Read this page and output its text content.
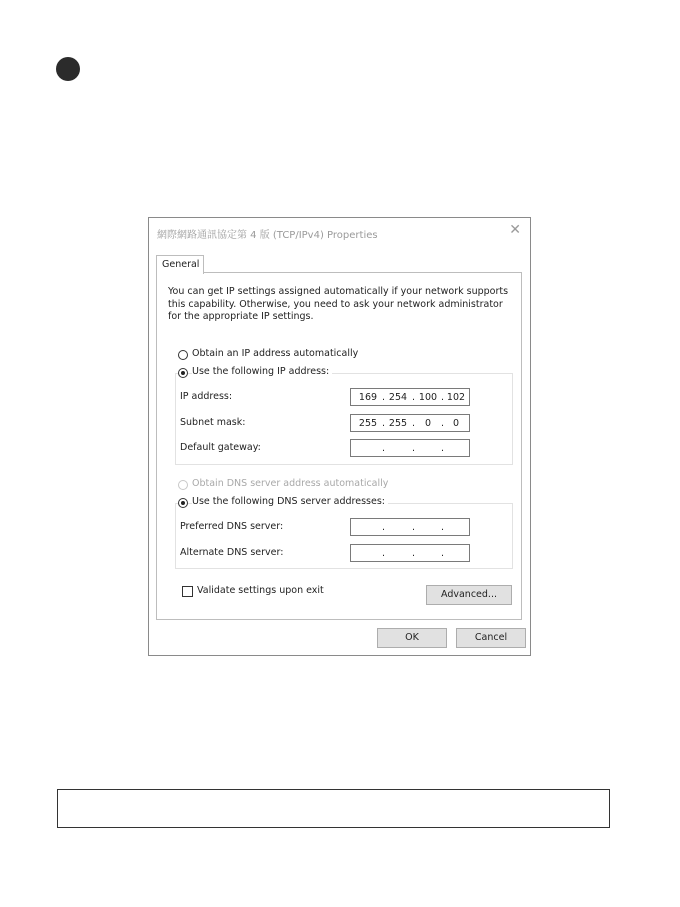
網際網路通訊協定第 4 版 (TCP/IPv4) Properties	✕
General
You can get IP settings assigned automatically if your network supports this capability. Otherwise, you need to ask your network administrator for the appropriate IP settings.
Obtain an IP address automatically
Use the following IP address:
IP address:	169 254 100 102
.	.	.
Subnet mask:	255 255	0	0
.	.	.
Default gateway:	.	.	.
Obtain DNS server address automatically
Use the following DNS server addresses:
Preferred DNS server:	.	.	.
Alternate DNS server:	.	.	.
Validate settings upon exit	Advanced...
OK	Cancel
